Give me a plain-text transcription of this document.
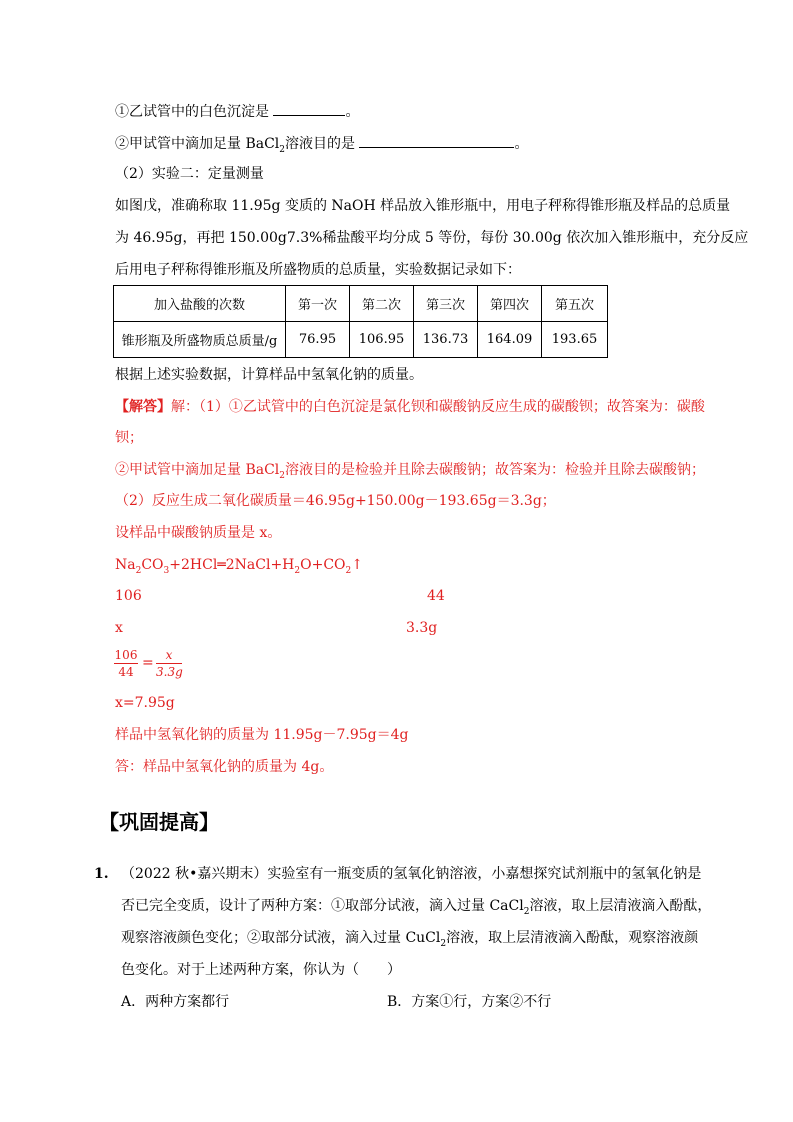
①乙试管中的白色沉淀是	。
②甲试管中滴加足量 BaCl$_2$溶液目的是	。
（2）实验二：定量测量
如图戊，准确称取 11.95g 变质的 NaOH 样品放入锥形瓶中，用电子秤称得锥形瓶及样品的总质量
为 46.95g，再把 150.00g7.3%稀盐酸平均分成 5 等份，每份 30.00g 依次加入锥形瓶中，充分反应
后用电子秤称得锥形瓶及所盛物质的总质量，实验数据记录如下：
加入盐酸的次数	第一次	第二次	第三次	第四次	第五次
锥形瓶及所盛物质总质量/g	76.95	106.95	136.73	164.09	193.65
根据上述实验数据，计算样品中氢氧化钠的质量。
【解答】解：（1）①乙试管中的白色沉淀是氯化钡和碳酸钠反应生成的碳酸钡；故答案为：碳酸
钡；
②甲试管中滴加足量 BaCl$_2$溶液目的是检验并且除去碳酸钠；故答案为：检验并且除去碳酸钠；
（2）反应生成二氧化碳质量＝46.95g+150.00g－193.65g＝3.3g；
设样品中碳酸钠质量是 x。
$Na_2CO_3+2HCl═2NaCl+H_2O+CO_2↑$
106	44
x	3.3g
106
44
= x
3.3g
x=7.95g
样品中氢氧化钠的质量为 11.95g－7.95g＝4g
答：样品中氢氧化钠的质量为 4g。
【巩固提高】
1. （2022 秋•嘉兴期末）实验室有一瓶变质的氢氧化钠溶液，小嘉想探究试剂瓶中的氢氧化钠是
否已完全变质，设计了两种方案：①取部分试液，滴入过量 CaCl$_2$溶液，取上层清液滴入酚酞，
观察溶液颜色变化；②取部分试液，滴入过量 CuCl$_2$溶液，取上层清液滴入酚酞，观察溶液颜
色变化。对于上述两种方案，你认为（　　）
A．两种方案都行	B．方案①行，方案②不行
